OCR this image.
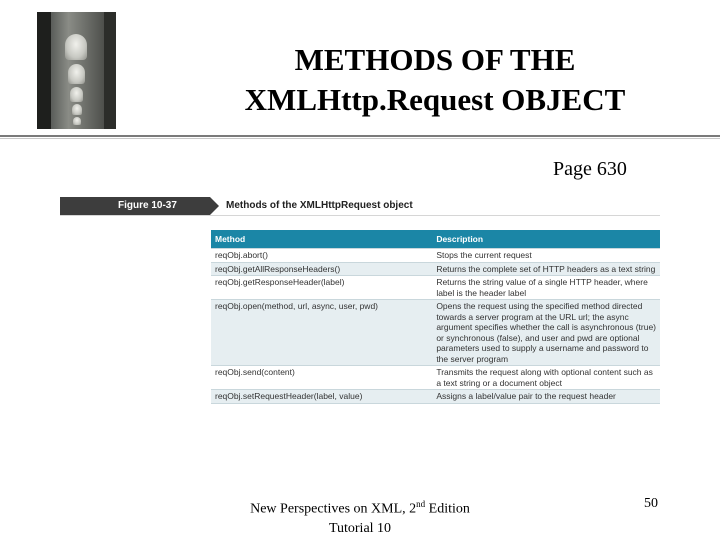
METHODS OF THE
XMLHttp.Request OBJECT
Page 630
Figure 10-37	Methods of the XMLHttpRequest object
Method	Description
reqObj.abort()	Stops the current request
reqObj.getAllResponseHeaders()	Returns the complete set of HTTP headers as a text string
reqObj.getResponseHeader(label)	Returns the string value of a single HTTP header, where label is the header label
reqObj.open(method, url, async, user, pwd)	Opens the request using the specified method directed towards a server program at the URL url; the async argument specifies whether the call is asynchronous (true) or synchronous (false), and user and pwd are optional parameters used to supply a username and password to the server program
reqObj.send(content)	Transmits the request along with optional content such as a text string or a document object
reqObj.setRequestHeader(label, value)	Assigns a label/value pair to the request header
New Perspectives on XML, 2nd Edition
Tutorial 10
50
